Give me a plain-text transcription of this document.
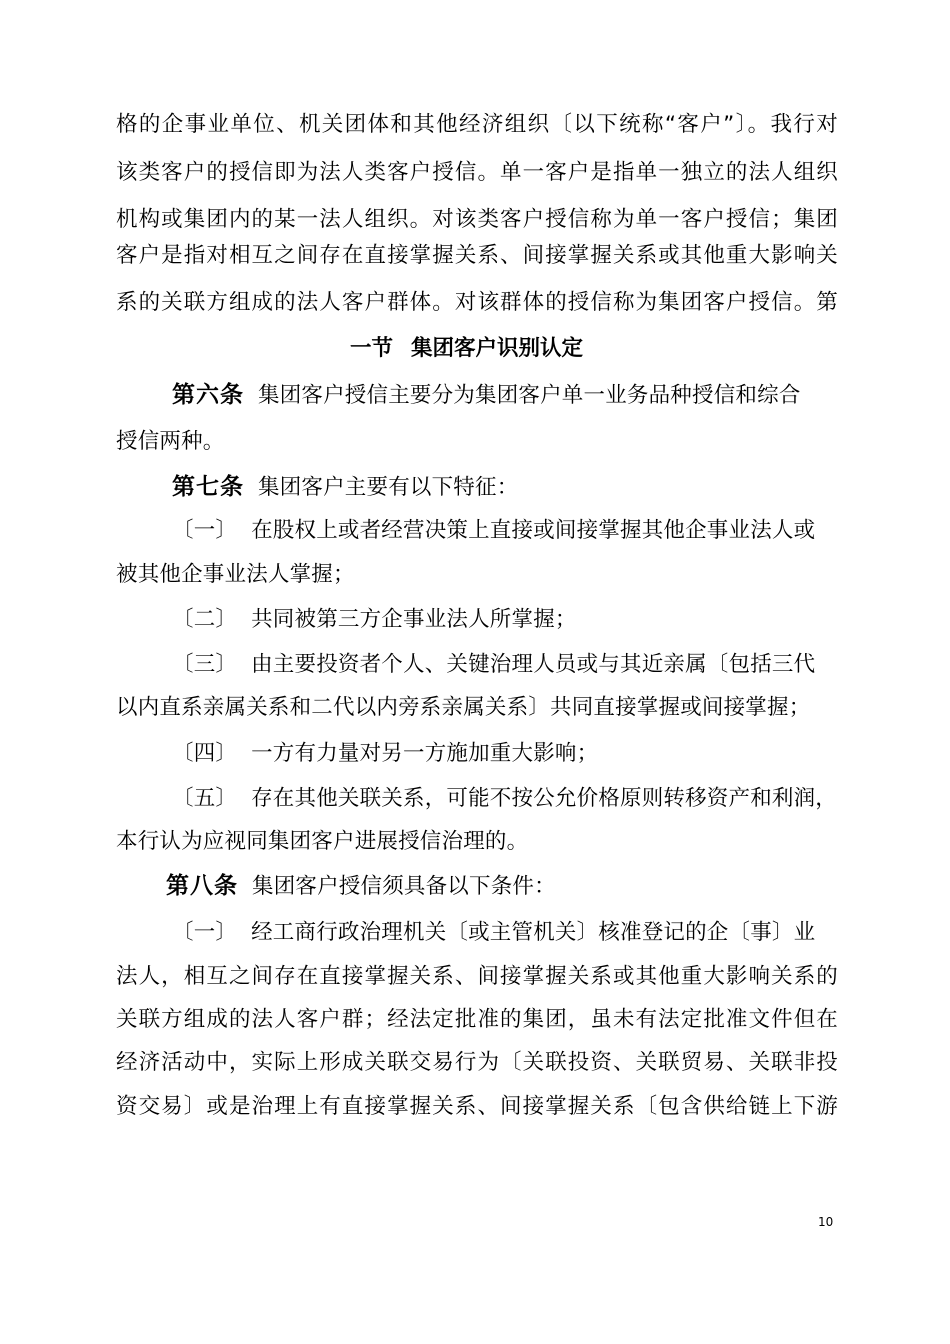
格的企事业单位、机关团体和其他经济组织〔以下统称“客户”〕。我行对
该类客户的授信即为法人类客户授信。单一客户是指单一独立的法人组织
机构或集团内的某一法人组织。对该类客户授信称为单一客户授信；集团
客户是指对相互之间存在直接掌握关系、间接掌握关系或其他重大影响关
系的关联方组成的法人客户群体。对该群体的授信称为集团客户授信。第
一节 集团客户识别认定
第六条 集团客户授信主要分为集团客户单一业务品种授信和综合
授信两种。
第七条 集团客户主要有以下特征：
〔一〕 在股权上或者经营决策上直接或间接掌握其他企事业法人或
被其他企事业法人掌握；
〔二〕 共同被第三方企事业法人所掌握；
〔三〕 由主要投资者个人、关键治理人员或与其近亲属〔包括三代
以内直系亲属关系和二代以内旁系亲属关系〕共同直接掌握或间接掌握；
〔四〕 一方有力量对另一方施加重大影响；
〔五〕 存在其他关联关系，可能不按公允价格原则转移资产和利润，
本行认为应视同集团客户进展授信治理的。
第八条 集团客户授信须具备以下条件：
〔一〕 经工商行政治理机关〔或主管机关〕核准登记的企〔事〕业
法人，相互之间存在直接掌握关系、间接掌握关系或其他重大影响关系的
关联方组成的法人客户群；经法定批准的集团，虽未有法定批准文件但在
经济活动中，实际上形成关联交易行为〔关联投资、关联贸易、关联非投
资交易〕或是治理上有直接掌握关系、间接掌握关系〔包含供给链上下游
10
